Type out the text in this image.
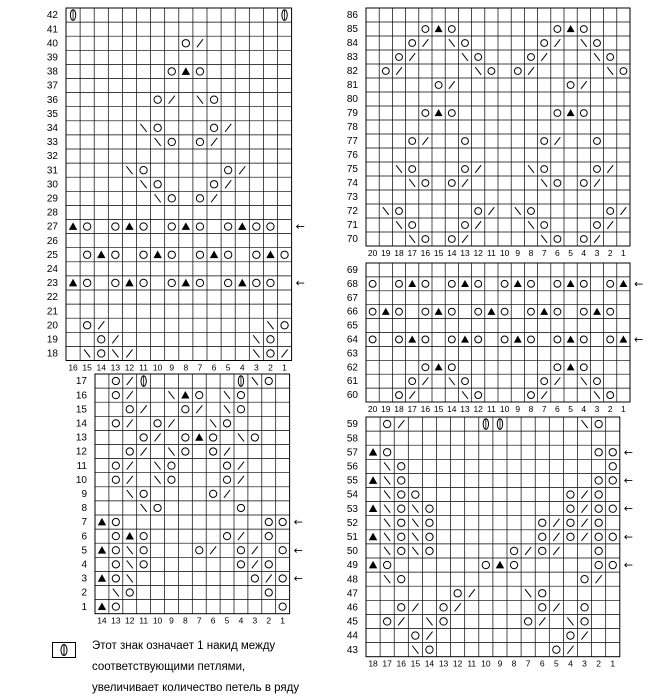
42
41
40
39
38
37
36
35
34
33
32
31
30
29
28
27
26
25
24
23
22
21
20
19
18
16 15 14 13 12 11 10 9 8 7 6 5 4 3 2 1
←
←
86
85
84
83
82
81
80
79
78
77
76
75
74
73
72
71
70
20 19 18 17 16 15 14 13 12 11 10 9 8 7 6 5 4 3 2 1
69
68
67
66
65
64
63
62
61
60
20 19 18 17 16 15 14 13 12 11 10 9 8 7 6 5 4 3 2 1
←
←
17
16
15
14
13
12
11
10
9
8
7
6
5
4
3
2
1
14 13 12 11 10 9 8 7 6 5 4 3 2 1
←
←
←
59
58
57
56
55
54
53
52
51
50
49
48
47
46
45
44
43
18 17 16 15 14 13 12 11 10 9 8 7 6 5 4 3 2 1
←
←
←
←
←
Этот знак означает 1 накид между
соответствующими петлями,
увеличивает количество петель в ряду
